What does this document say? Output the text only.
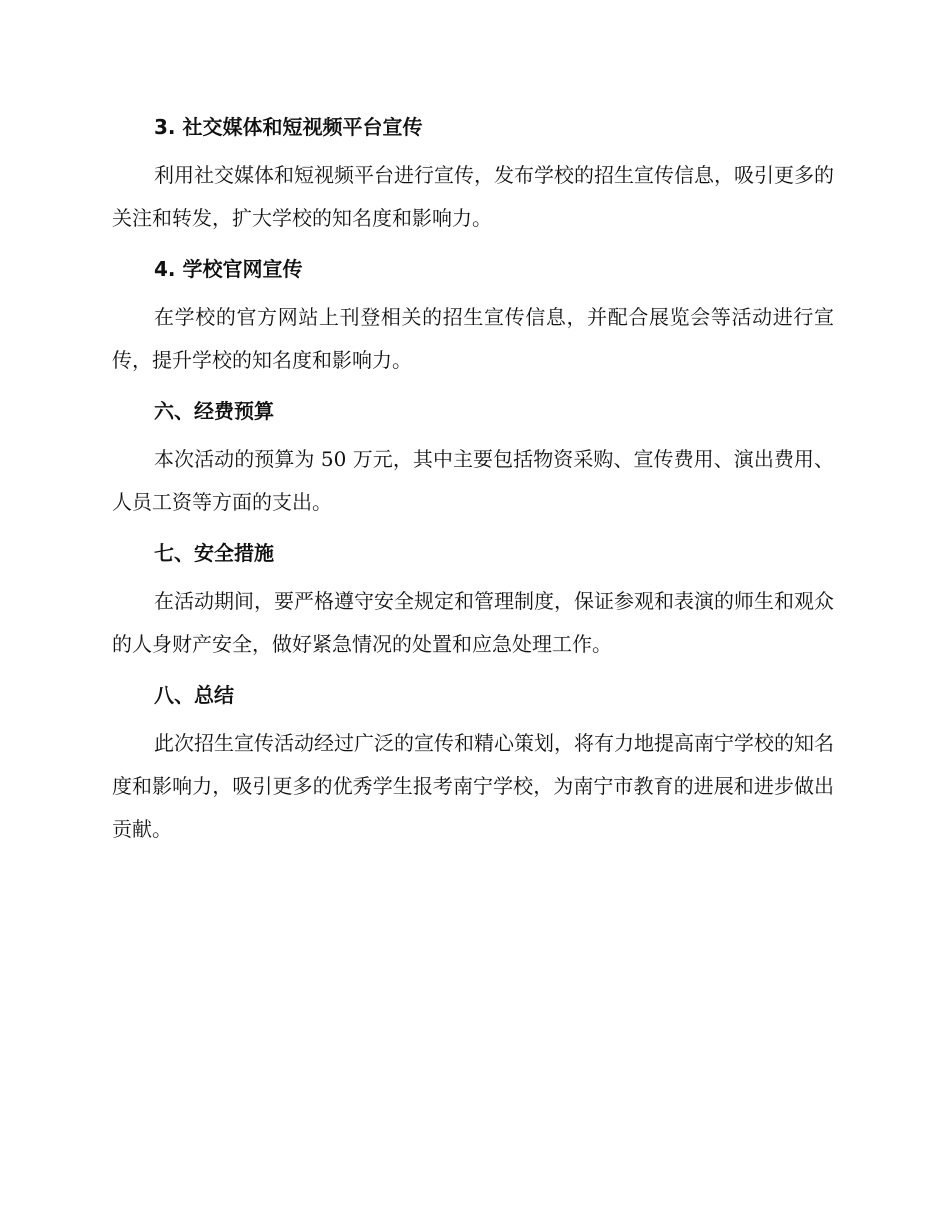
3. 社交媒体和短视频平台宣传

利用社交媒体和短视频平台进行宣传，发布学校的招生宣传信息，吸引更多的关注和转发，扩大学校的知名度和影响力。

4. 学校官网宣传

在学校的官方网站上刊登相关的招生宣传信息，并配合展览会等活动进行宣传，提升学校的知名度和影响力。

六、经费预算

本次活动的预算为 50 万元，其中主要包括物资采购、宣传费用、演出费用、人员工资等方面的支出。

七、安全措施

在活动期间，要严格遵守安全规定和管理制度，保证参观和表演的师生和观众的人身财产安全，做好紧急情况的处置和应急处理工作。

八、总结

此次招生宣传活动经过广泛的宣传和精心策划，将有力地提高南宁学校的知名度和影响力，吸引更多的优秀学生报考南宁学校，为南宁市教育的进展和进步做出贡献。
